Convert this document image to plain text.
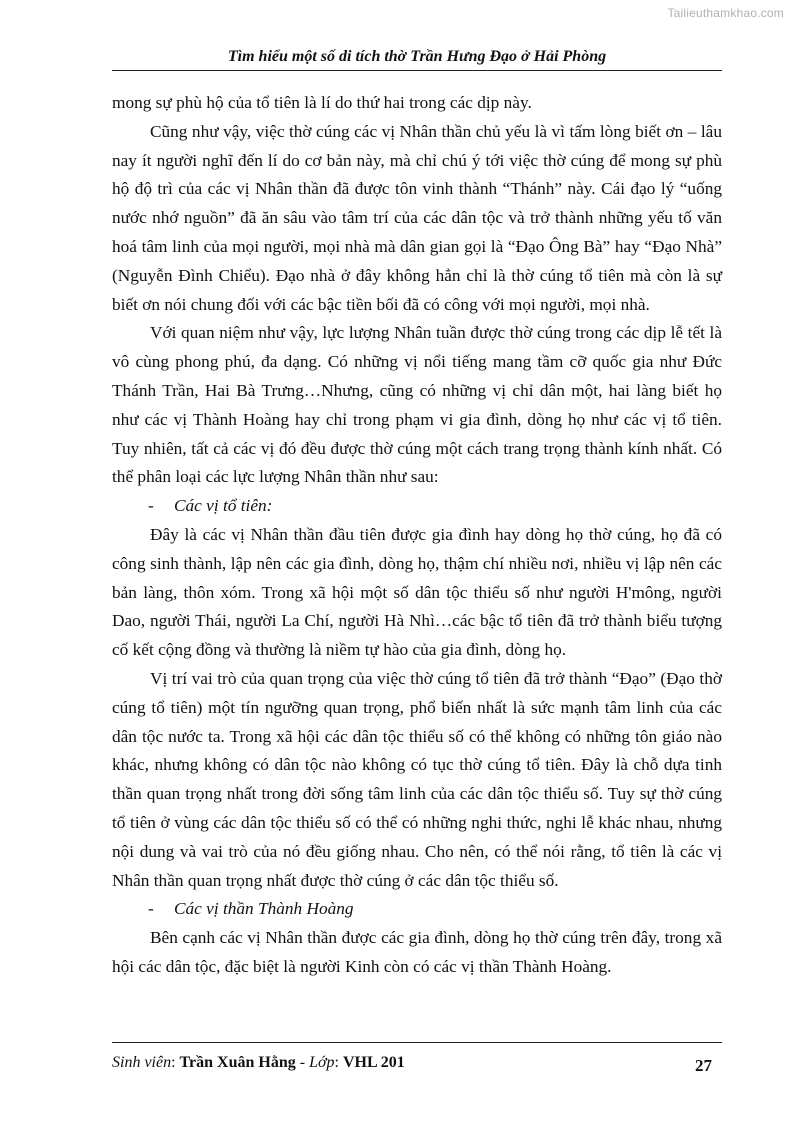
Tailieuthamkhao.com
Tìm hiểu một số di tích thờ Trần Hưng Đạo ở Hải Phòng

mong sự phù hộ của tổ tiên là lí do thứ hai trong các dịp này.

Cũng như vậy, việc thờ cúng các vị Nhân thần chủ yếu là vì tấm lòng biết ơn – lâu nay ít người nghĩ đến lí do cơ bản này, mà chỉ chú ý tới việc thờ cúng để mong sự phù hộ độ trì của các vị Nhân thần đã được tôn vinh thành “Thánh” này. Cái đạo lý “uống nước nhớ nguồn” đã ăn sâu vào tâm trí của các dân tộc và trở thành những yếu tố văn hoá tâm linh của mọi người, mọi nhà mà dân gian gọi là “Đạo Ông Bà” hay “Đạo Nhà” (Nguyễn Đình Chiểu). Đạo nhà ở đây không hẳn chỉ là thờ cúng tổ tiên mà còn là sự biết ơn nói chung đối với các bậc tiền bối đã có công với mọi người, mọi nhà.

Với quan niệm như vậy, lực lượng Nhân tuần được thờ cúng trong các dịp lễ tết là vô cùng phong phú, đa dạng. Có những vị nổi tiếng mang tầm cỡ quốc gia như Đức Thánh Trần, Hai Bà Trưng…Nhưng, cũng có những vị chỉ dân một, hai làng biết họ như các vị Thành Hoàng hay chỉ trong phạm vi gia đình, dòng họ như các vị tổ tiên. Tuy nhiên, tất cả các vị đó đều được thờ cúng một cách trang trọng thành kính nhất. Có thể phân loại các lực lượng Nhân thần như sau:

- Các vị tổ tiên:

Đây là các vị Nhân thần đầu tiên được gia đình hay dòng họ thờ cúng, họ đã có công sinh thành, lập nên các gia đình, dòng họ, thậm chí nhiều nơi, nhiều vị lập nên các bản làng, thôn xóm. Trong xã hội một số dân tộc thiểu số như người H'mông, người Dao, người Thái, người La Chí, người Hà Nhì…các bậc tổ tiên đã trở thành biểu tượng cố kết cộng đồng và thường là niềm tự hào của gia đình, dòng họ.

Vị trí vai trò của quan trọng của việc thờ cúng tổ tiên đã trở thành “Đạo” (Đạo thờ cúng tổ tiên) một tín ngưỡng quan trọng, phổ biến nhất là sức mạnh tâm linh của các dân tộc nước ta. Trong xã hội các dân tộc thiểu số có thể không có những tôn giáo nào khác, nhưng không có dân tộc nào không có tục thờ cúng tổ tiên. Đây là chỗ dựa tinh thần quan trọng nhất trong đời sống tâm linh của các dân tộc thiểu số. Tuy sự thờ cúng tổ tiên ở vùng các dân tộc thiểu số có thể có những nghi thức, nghi lễ khác nhau, nhưng nội dung và vai trò của nó đều giống nhau. Cho nên, có thể nói rằng, tổ tiên là các vị Nhân thần quan trọng nhất được thờ cúng ở các dân tộc thiểu số.

- Các vị thần Thành Hoàng

Bên cạnh các vị Nhân thần được các gia đình, dòng họ thờ cúng trên đây, trong xã hội các dân tộc, đặc biệt là người Kinh còn có các vị thần Thành Hoàng.

Sinh viên: Trần Xuân Hằng - Lớp: VHL 201	27
